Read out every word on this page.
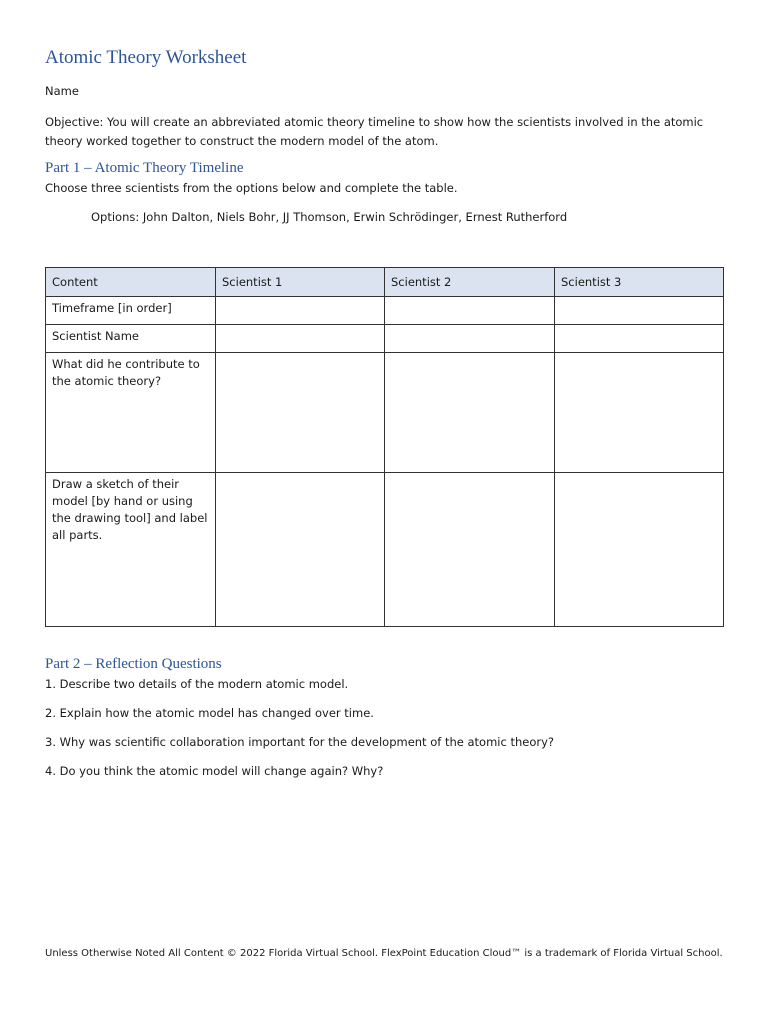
Atomic Theory Worksheet
Name
Objective: You will create an abbreviated atomic theory timeline to show how the scientists involved in the atomic theory worked together to construct the modern model of the atom.
Part 1 – Atomic Theory Timeline
Choose three scientists from the options below and complete the table.
Options: John Dalton, Niels Bohr, JJ Thomson, Erwin Schrödinger, Ernest Rutherford
Content	Scientist 1	Scientist 2	Scientist 3
Timeframe [in order]			
Scientist Name			
What did he contribute to the atomic theory?			
Draw a sketch of their model [by hand or using the drawing tool] and label all parts.			
Part 2 – Reflection Questions
1. Describe two details of the modern atomic model.
2. Explain how the atomic model has changed over time.
3. Why was scientific collaboration important for the development of the atomic theory?
4. Do you think the atomic model will change again? Why?
Unless Otherwise Noted All Content © 2022 Florida Virtual School. FlexPoint Education Cloud™ is a trademark of Florida Virtual School.
